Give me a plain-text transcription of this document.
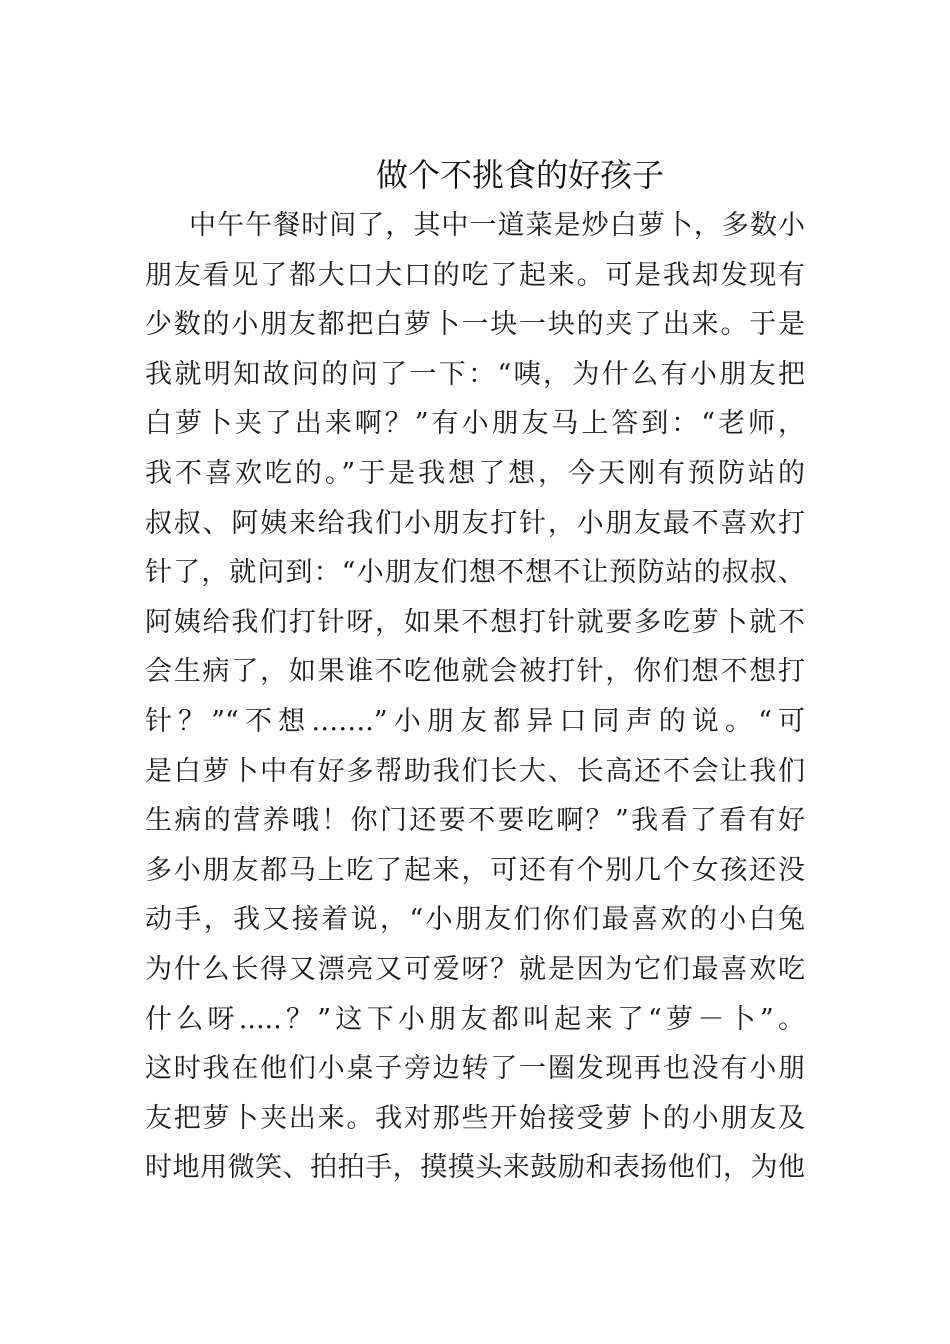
做个不挑食的好孩子
中午午餐时间了，其中一道菜是炒白萝卜，多数小
朋友看见了都大口大口的吃了起来。可是我却发现有
少数的小朋友都把白萝卜一块一块的夹了出来。于是
我就明知故问的问了一下：“咦，为什么有小朋友把
白萝卜夹了出来啊？”有小朋友马上答到：“老师，
我不喜欢吃的。”于是我想了想，今天刚有预防站的
叔叔、阿姨来给我们小朋友打针，小朋友最不喜欢打
针了，就问到：“小朋友们想不想不让预防站的叔叔、
阿姨给我们打针呀，如果不想打针就要多吃萝卜就不
会生病了，如果谁不吃他就会被打针，你们想不想打
针？”“不想…….”小朋友都异口同声的说。“可
是白萝卜中有好多帮助我们长大、长高还不会让我们
生病的营养哦！你门还要不要吃啊？”我看了看有好
多小朋友都马上吃了起来，可还有个别几个女孩还没
动手，我又接着说，“小朋友们你们最喜欢的小白兔
为什么长得又漂亮又可爱呀？就是因为它们最喜欢吃
什么呀.....？”这下小朋友都叫起来了“萝－卜”。
这时我在他们小桌子旁边转了一圈发现再也没有小朋
友把萝卜夹出来。我对那些开始接受萝卜的小朋友及
时地用微笑、拍拍手，摸摸头来鼓励和表扬他们，为他
